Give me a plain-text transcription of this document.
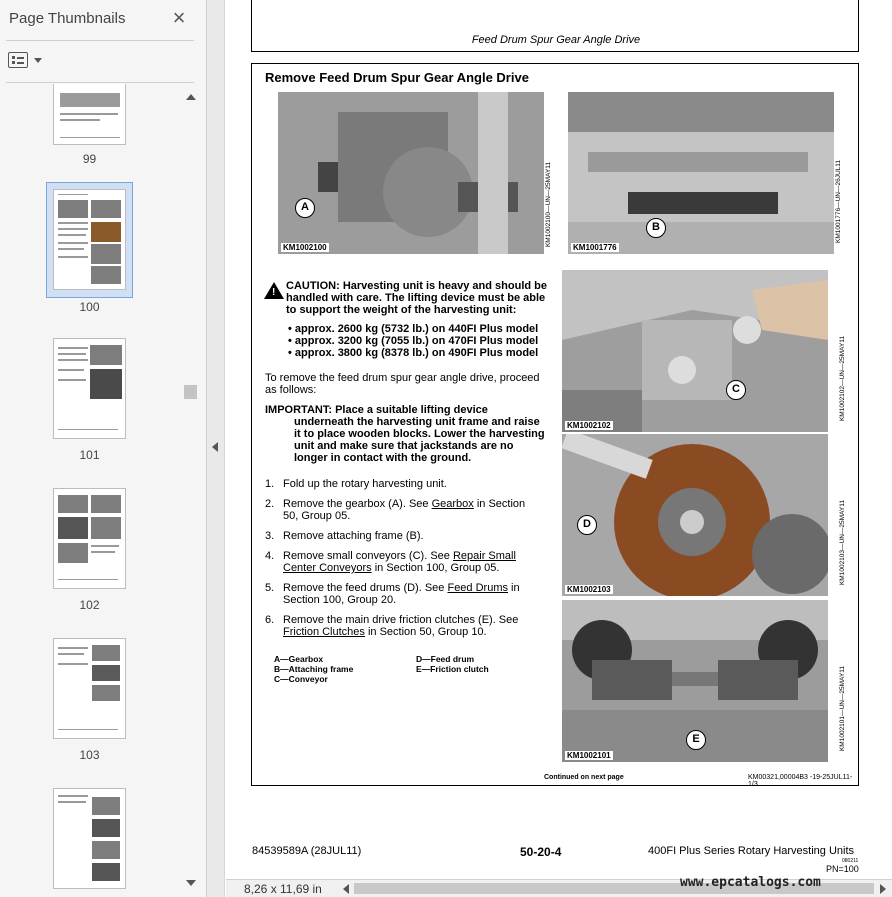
Page Thumbnails ×
99
100
101
102
103
Feed Drum Spur Gear Angle Drive
Remove Feed Drum Spur Gear Angle Drive
KM1002100
A	KM1002100—UN—25MAY11
KM1001776
B	KM1001776—UN—26JUL11
!
CAUTION: Harvesting unit is heavy and should be
handled with care. The lifting device must be able
to support the weight of the harvesting unit:
• approx. 2600 kg (5732 lb.) on 440FI Plus model
• approx. 3200 kg (7055 lb.) on 470FI Plus model
• approx. 3800 kg (8378 lb.) on 490FI Plus model
To remove the feed drum spur gear angle drive, proceed
as follows:
IMPORTANT: Place a suitable lifting device
underneath the harvesting unit frame and raise
it to place wooden blocks. Lower the harvesting
unit and make sure that jackstands are no
longer in contact with the ground.
1. Fold up the rotary harvesting unit.
2. Remove the gearbox (A). See Gearbox in Section
50, Group 05.
3. Remove attaching frame (B).
4. Remove small conveyors (C). See Repair Small
Center Conveyors in Section 100, Group 05.
5. Remove the feed drums (D). See Feed Drums in
Section 100, Group 20.
6. Remove the main drive friction clutches (E). See
Friction Clutches in Section 50, Group 10.
A—Gearbox
B—Attaching frame
C—Conveyor
D—Feed drum
E—Friction clutch
KM1002102
C	KM1002102—UN—25MAY11
KM1002103
D	KM1002103—UN—25MAY11
KM1002101
E	KM1002101—UN—25MAY11
Continued on next page	KM00321,00004B3 -19-25JUL11-1/3
84539589A (28JUL11)	50-20-4	400FI Plus Series Rotary Harvesting Units
080211
PN=100
8,26 x 11,69 in	www.epcatalogs.com
